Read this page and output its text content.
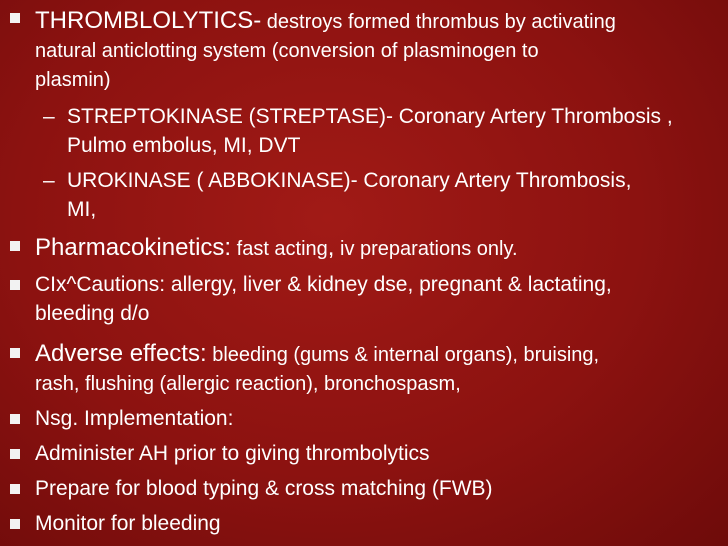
THROMBLOLYTICS- destroys formed thrombus by activating
natural anticlotting system (conversion of plasminogen to
plasmin)
– STREPTOKINASE (STREPTASE)- Coronary Artery Thrombosis ,
Pulmo embolus, MI, DVT
– UROKINASE ( ABBOKINASE)- Coronary Artery Thrombosis,
MI,
Pharmacokinetics: fast acting, iv preparations only.
CIx^Cautions: allergy, liver & kidney dse, pregnant & lactating,
bleeding d/o
Adverse effects: bleeding (gums & internal organs), bruising,
rash, flushing (allergic reaction), bronchospasm,
Nsg. Implementation:
Administer AH prior to giving thrombolytics
Prepare for blood typing & cross matching (FWB)
Monitor for bleeding
